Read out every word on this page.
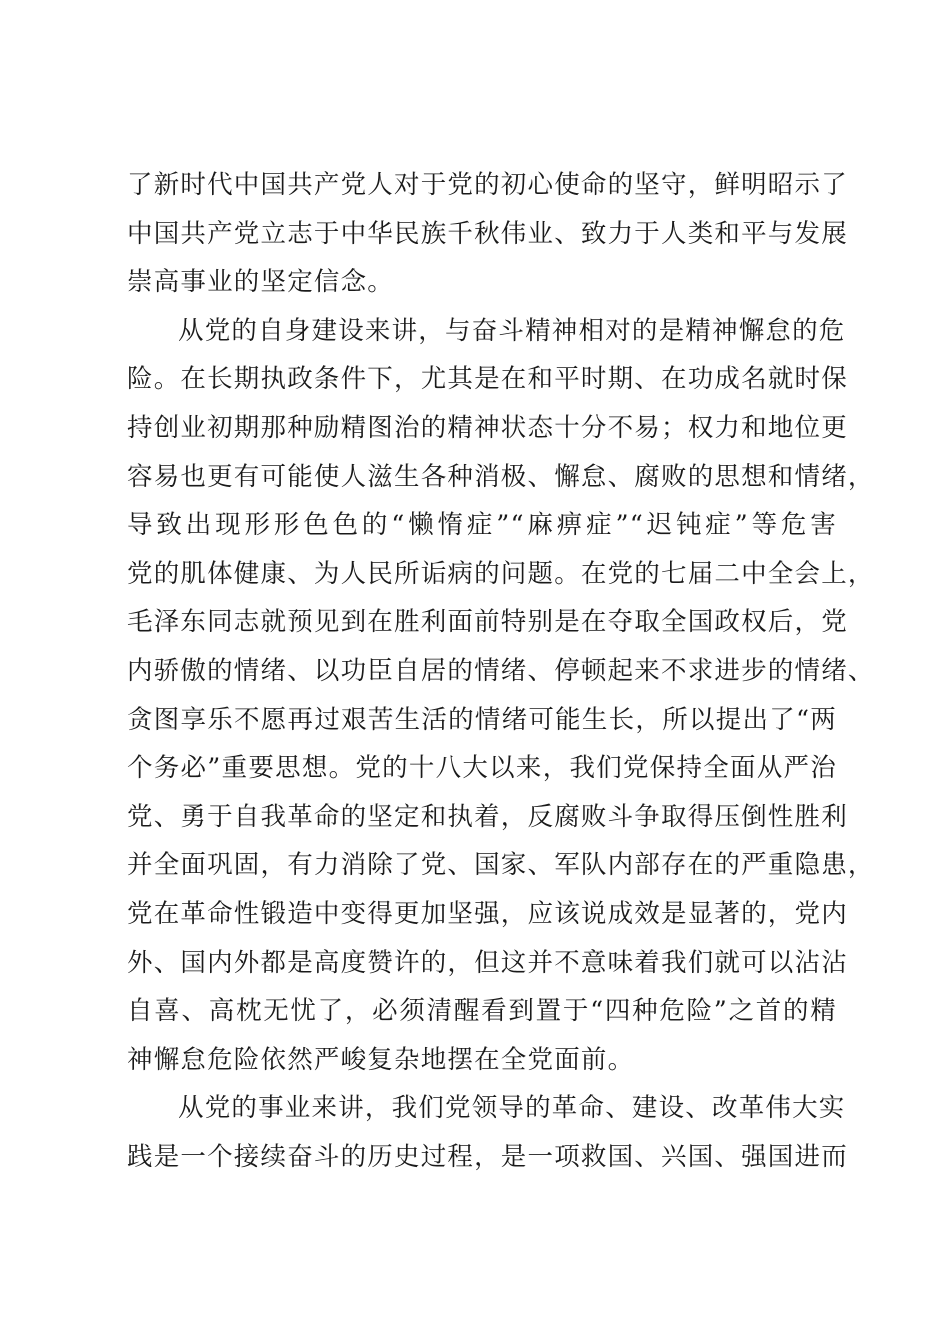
了新时代中国共产党人对于党的初心使命的坚守，鲜明昭示了
中国共产党立志于中华民族千秋伟业、致力于人类和平与发展
崇高事业的坚定信念。
从党的自身建设来讲，与奋斗精神相对的是精神懈怠的危
险。在长期执政条件下，尤其是在和平时期、在功成名就时保
持创业初期那种励精图治的精神状态十分不易；权力和地位更
容易也更有可能使人滋生各种消极、懈怠、腐败的思想和情绪，
导致出现形形色色的“懒惰症”“麻痹症”“迟钝症”等危害
党的肌体健康、为人民所诟病的问题。在党的七届二中全会上，
毛泽东同志就预见到在胜利面前特别是在夺取全国政权后，党
内骄傲的情绪、以功臣自居的情绪、停顿起来不求进步的情绪、
贪图享乐不愿再过艰苦生活的情绪可能生长，所以提出了“两
个务必”重要思想。党的十八大以来，我们党保持全面从严治
党、勇于自我革命的坚定和执着，反腐败斗争取得压倒性胜利
并全面巩固，有力消除了党、国家、军队内部存在的严重隐患，
党在革命性锻造中变得更加坚强，应该说成效是显著的，党内
外、国内外都是高度赞许的，但这并不意味着我们就可以沾沾
自喜、高枕无忧了，必须清醒看到置于“四种危险”之首的精
神懈怠危险依然严峻复杂地摆在全党面前。
从党的事业来讲，我们党领导的革命、建设、改革伟大实
践是一个接续奋斗的历史过程，是一项救国、兴国、强国进而
